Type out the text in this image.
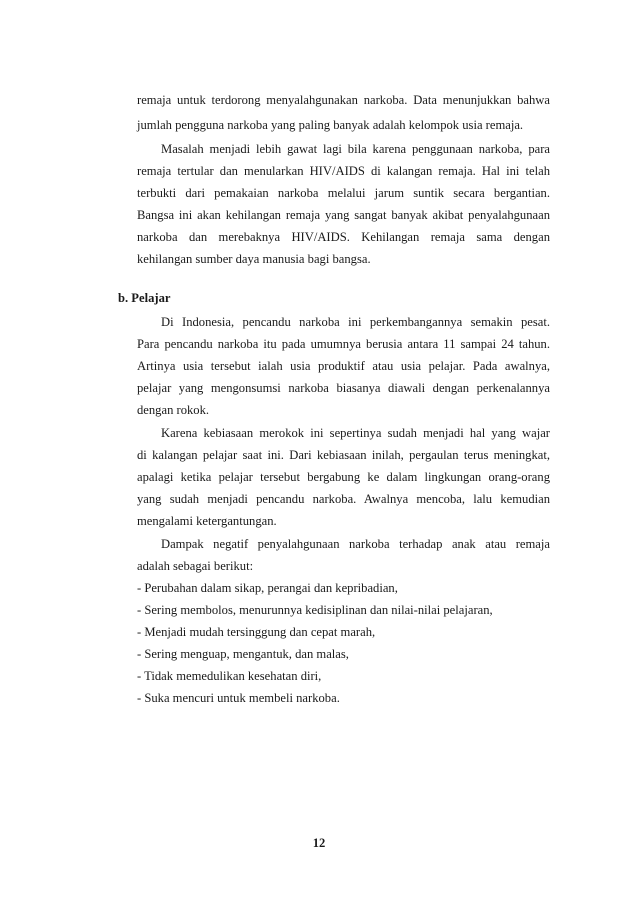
remaja untuk terdorong menyalahgunakan narkoba. Data menunjukkan bahwa
jumlah pengguna narkoba yang paling banyak adalah kelompok usia remaja.
Masalah menjadi lebih gawat lagi bila karena penggunaan narkoba, para
remaja tertular dan menularkan HIV/AIDS di kalangan remaja. Hal ini telah
terbukti dari pemakaian narkoba melalui jarum suntik secara bergantian.
Bangsa ini akan kehilangan remaja yang sangat banyak akibat penyalahgunaan
narkoba dan merebaknya HIV/AIDS. Kehilangan remaja sama dengan
kehilangan sumber daya manusia bagi bangsa.
b. Pelajar
Di Indonesia, pencandu narkoba ini perkembangannya semakin pesat.
Para pencandu narkoba itu pada umumnya berusia antara 11 sampai 24 tahun.
Artinya usia tersebut ialah usia produktif atau usia pelajar. Pada awalnya,
pelajar yang mengonsumsi narkoba biasanya diawali dengan perkenalannya
dengan rokok.
Karena kebiasaan merokok ini sepertinya sudah menjadi hal yang wajar
di kalangan pelajar saat ini. Dari kebiasaan inilah, pergaulan terus meningkat,
apalagi ketika pelajar tersebut bergabung ke dalam lingkungan orang-orang
yang sudah menjadi pencandu narkoba. Awalnya mencoba, lalu kemudian
mengalami ketergantungan.
Dampak negatif penyalahgunaan narkoba terhadap anak atau remaja
adalah sebagai berikut:
- Perubahan dalam sikap, perangai dan kepribadian,
- Sering membolos, menurunnya kedisiplinan dan nilai-nilai pelajaran,
- Menjadi mudah tersinggung dan cepat marah,
- Sering menguap, mengantuk, dan malas,
- Tidak memedulikan kesehatan diri,
- Suka mencuri untuk membeli narkoba.
12
